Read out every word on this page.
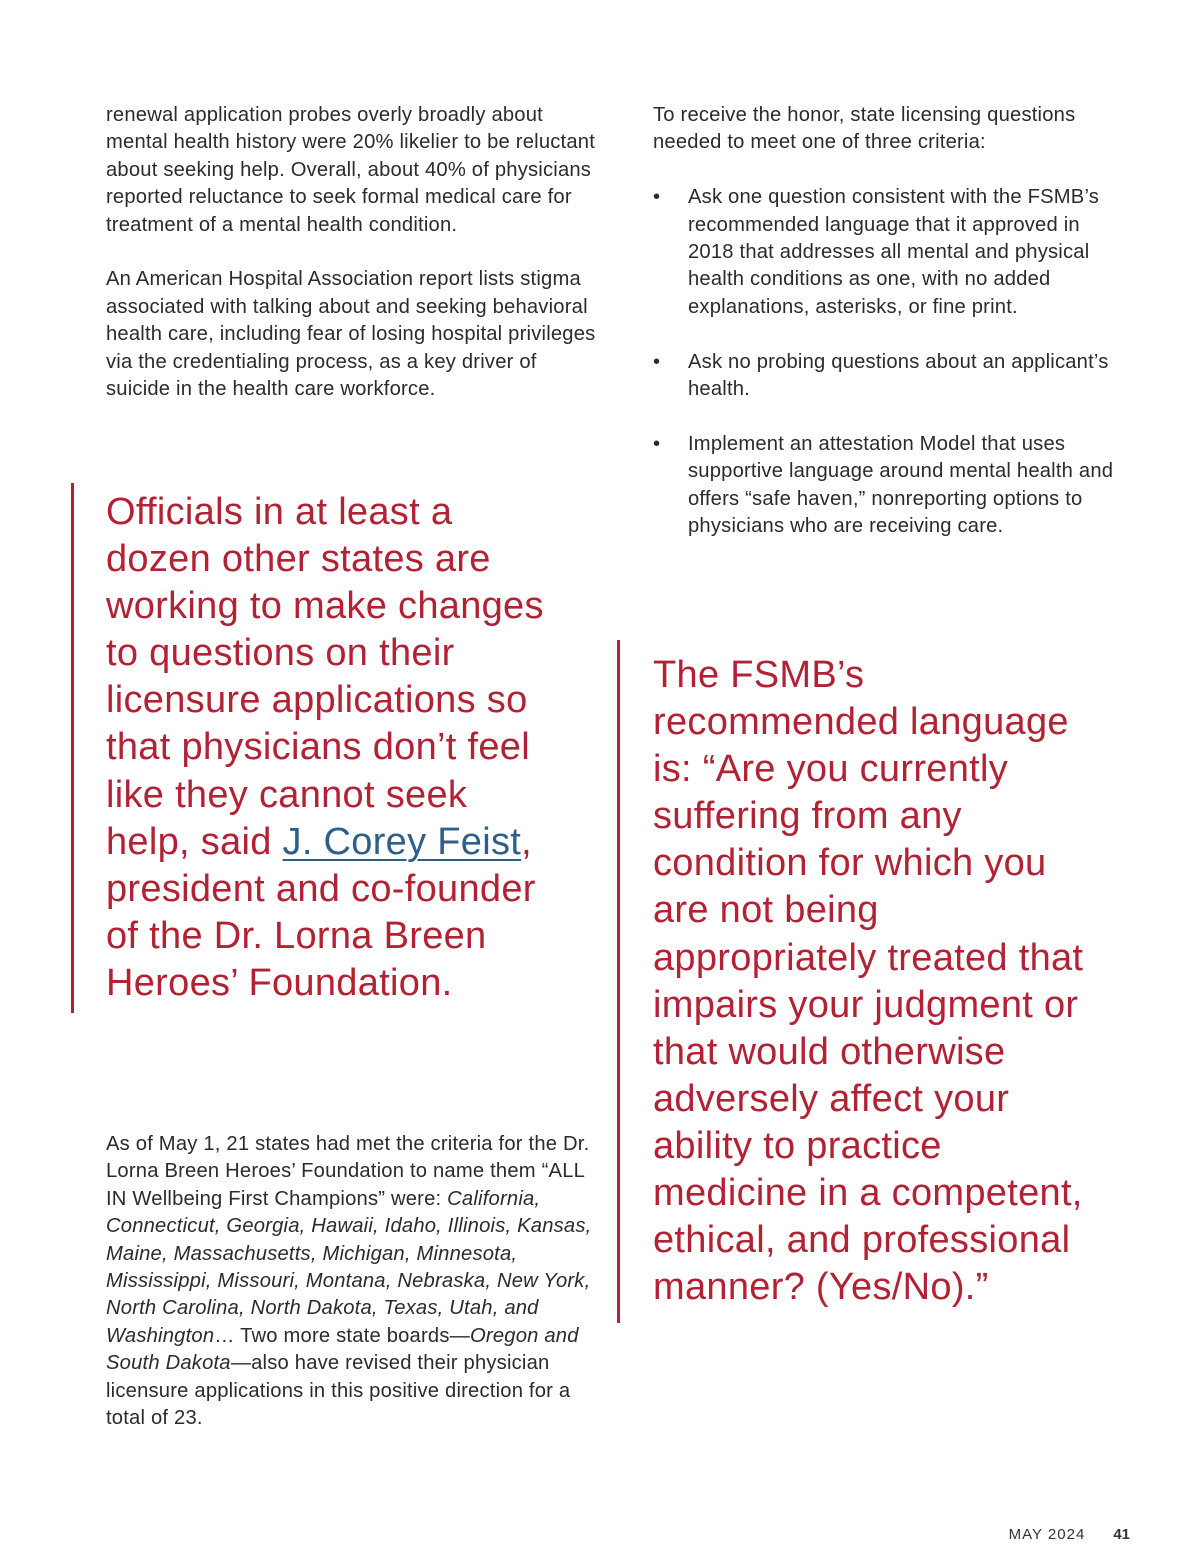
renewal application probes overly broadly about mental health history were 20% likelier to be reluctant about seeking help. Overall, about 40% of physicians reported reluctance to seek formal medical care for treatment of a mental health condition.

An American Hospital Association report lists stigma associated with talking about and seeking behavioral health care, including fear of losing hospital privileges via the credentialing process, as a key driver of suicide in the health care workforce.

Officials in at least a dozen other states are working to make changes to questions on their licensure applications so that physicians don’t feel like they cannot seek help, said J. Corey Feist, president and co-founder of the Dr. Lorna Breen Heroes’ Foundation.

As of May 1, 21 states had met the criteria for the Dr. Lorna Breen Heroes’ Foundation to name them “ALL IN Wellbeing First Champions” were: California, Connecticut, Georgia, Hawaii, Idaho, Illinois, Kansas, Maine, Massachusetts, Michigan, Minnesota, Mississippi, Missouri, Montana, Nebraska, New York, North Carolina, North Dakota, Texas, Utah, and Washington… Two more state boards—Oregon and South Dakota—also have revised their physician licensure applications in this positive direction for a total of 23.

To receive the honor, state licensing questions needed to meet one of three criteria:

• Ask one question consistent with the FSMB’s recommended language that it approved in 2018 that addresses all mental and physical health conditions as one, with no added explanations, asterisks, or fine print.
• Ask no probing questions about an applicant’s health.
• Implement an attestation Model that uses supportive language around mental health and offers “safe haven,” nonreporting options to physicians who are receiving care.
The FSMB’s recommended language is: “Are you currently suffering from any condition for which you are not being appropriately treated that impairs your judgment or that would otherwise adversely affect your ability to practice medicine in a competent, ethical, and professional manner? (Yes/No).”
MAY 2024 41
